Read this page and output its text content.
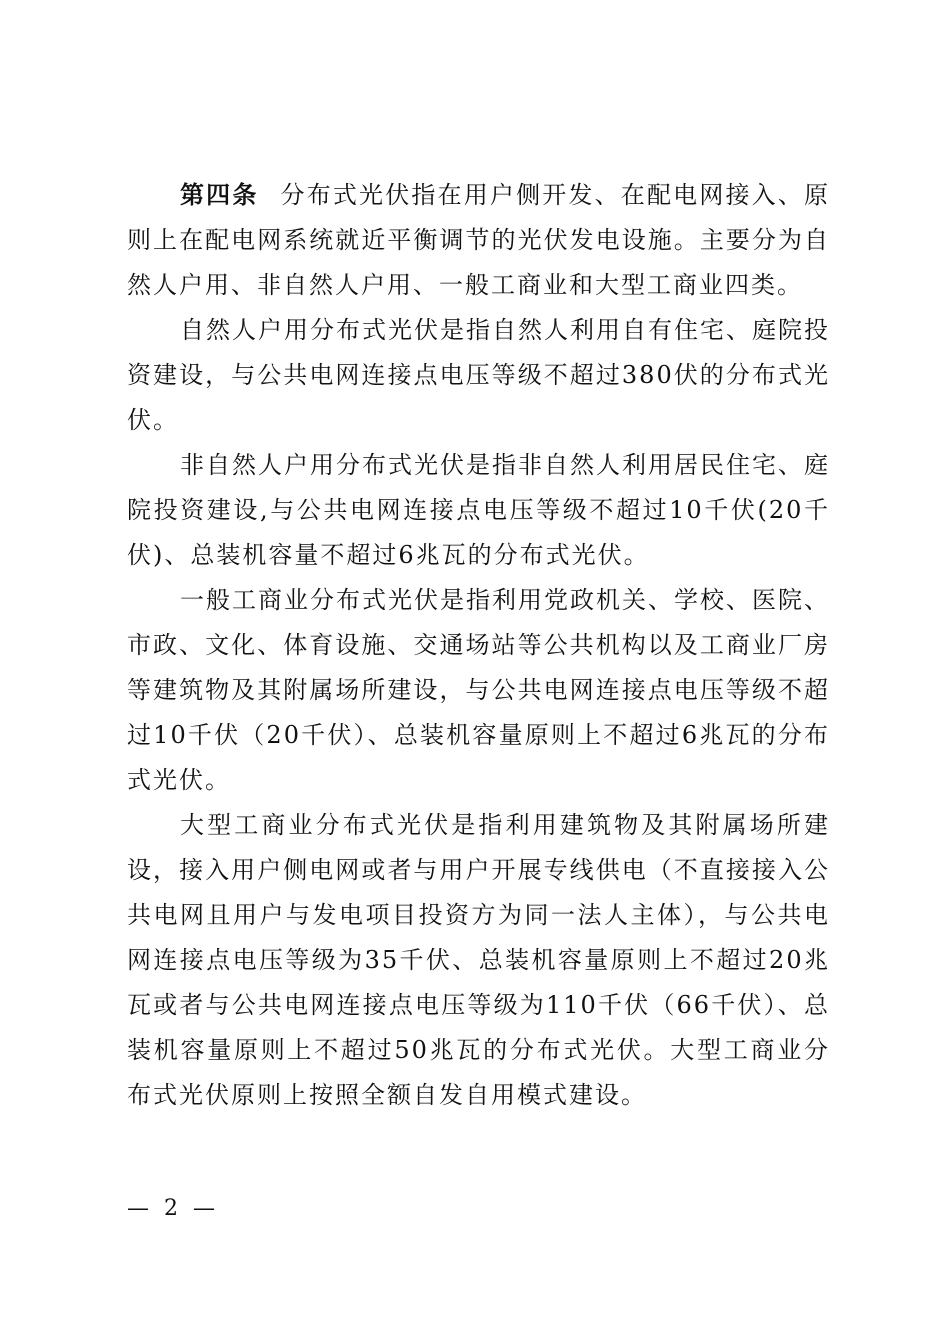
第四条 分布式光伏指在用户侧开发、在配电网接入、原则上在配电网系统就近平衡调节的光伏发电设施。主要分为自然人户用、非自然人户用、一般工商业和大型工商业四类。

自然人户用分布式光伏是指自然人利用自有住宅、庭院投资建设，与公共电网连接点电压等级不超过380伏的分布式光伏。

非自然人户用分布式光伏是指非自然人利用居民住宅、庭院投资建设,与公共电网连接点电压等级不超过10千伏(20千伏)、总装机容量不超过6兆瓦的分布式光伏。

一般工商业分布式光伏是指利用党政机关、学校、医院、市政、文化、体育设施、交通场站等公共机构以及工商业厂房等建筑物及其附属场所建设，与公共电网连接点电压等级不超过10千伏（20千伏）、总装机容量原则上不超过6兆瓦的分布式光伏。

大型工商业分布式光伏是指利用建筑物及其附属场所建设，接入用户侧电网或者与用户开展专线供电（不直接接入公共电网且用户与发电项目投资方为同一法人主体），与公共电网连接点电压等级为35千伏、总装机容量原则上不超过20兆瓦或者与公共电网连接点电压等级为110千伏（66千伏）、总装机容量原则上不超过50兆瓦的分布式光伏。大型工商业分布式光伏原则上按照全额自发自用模式建设。

— 2 —
